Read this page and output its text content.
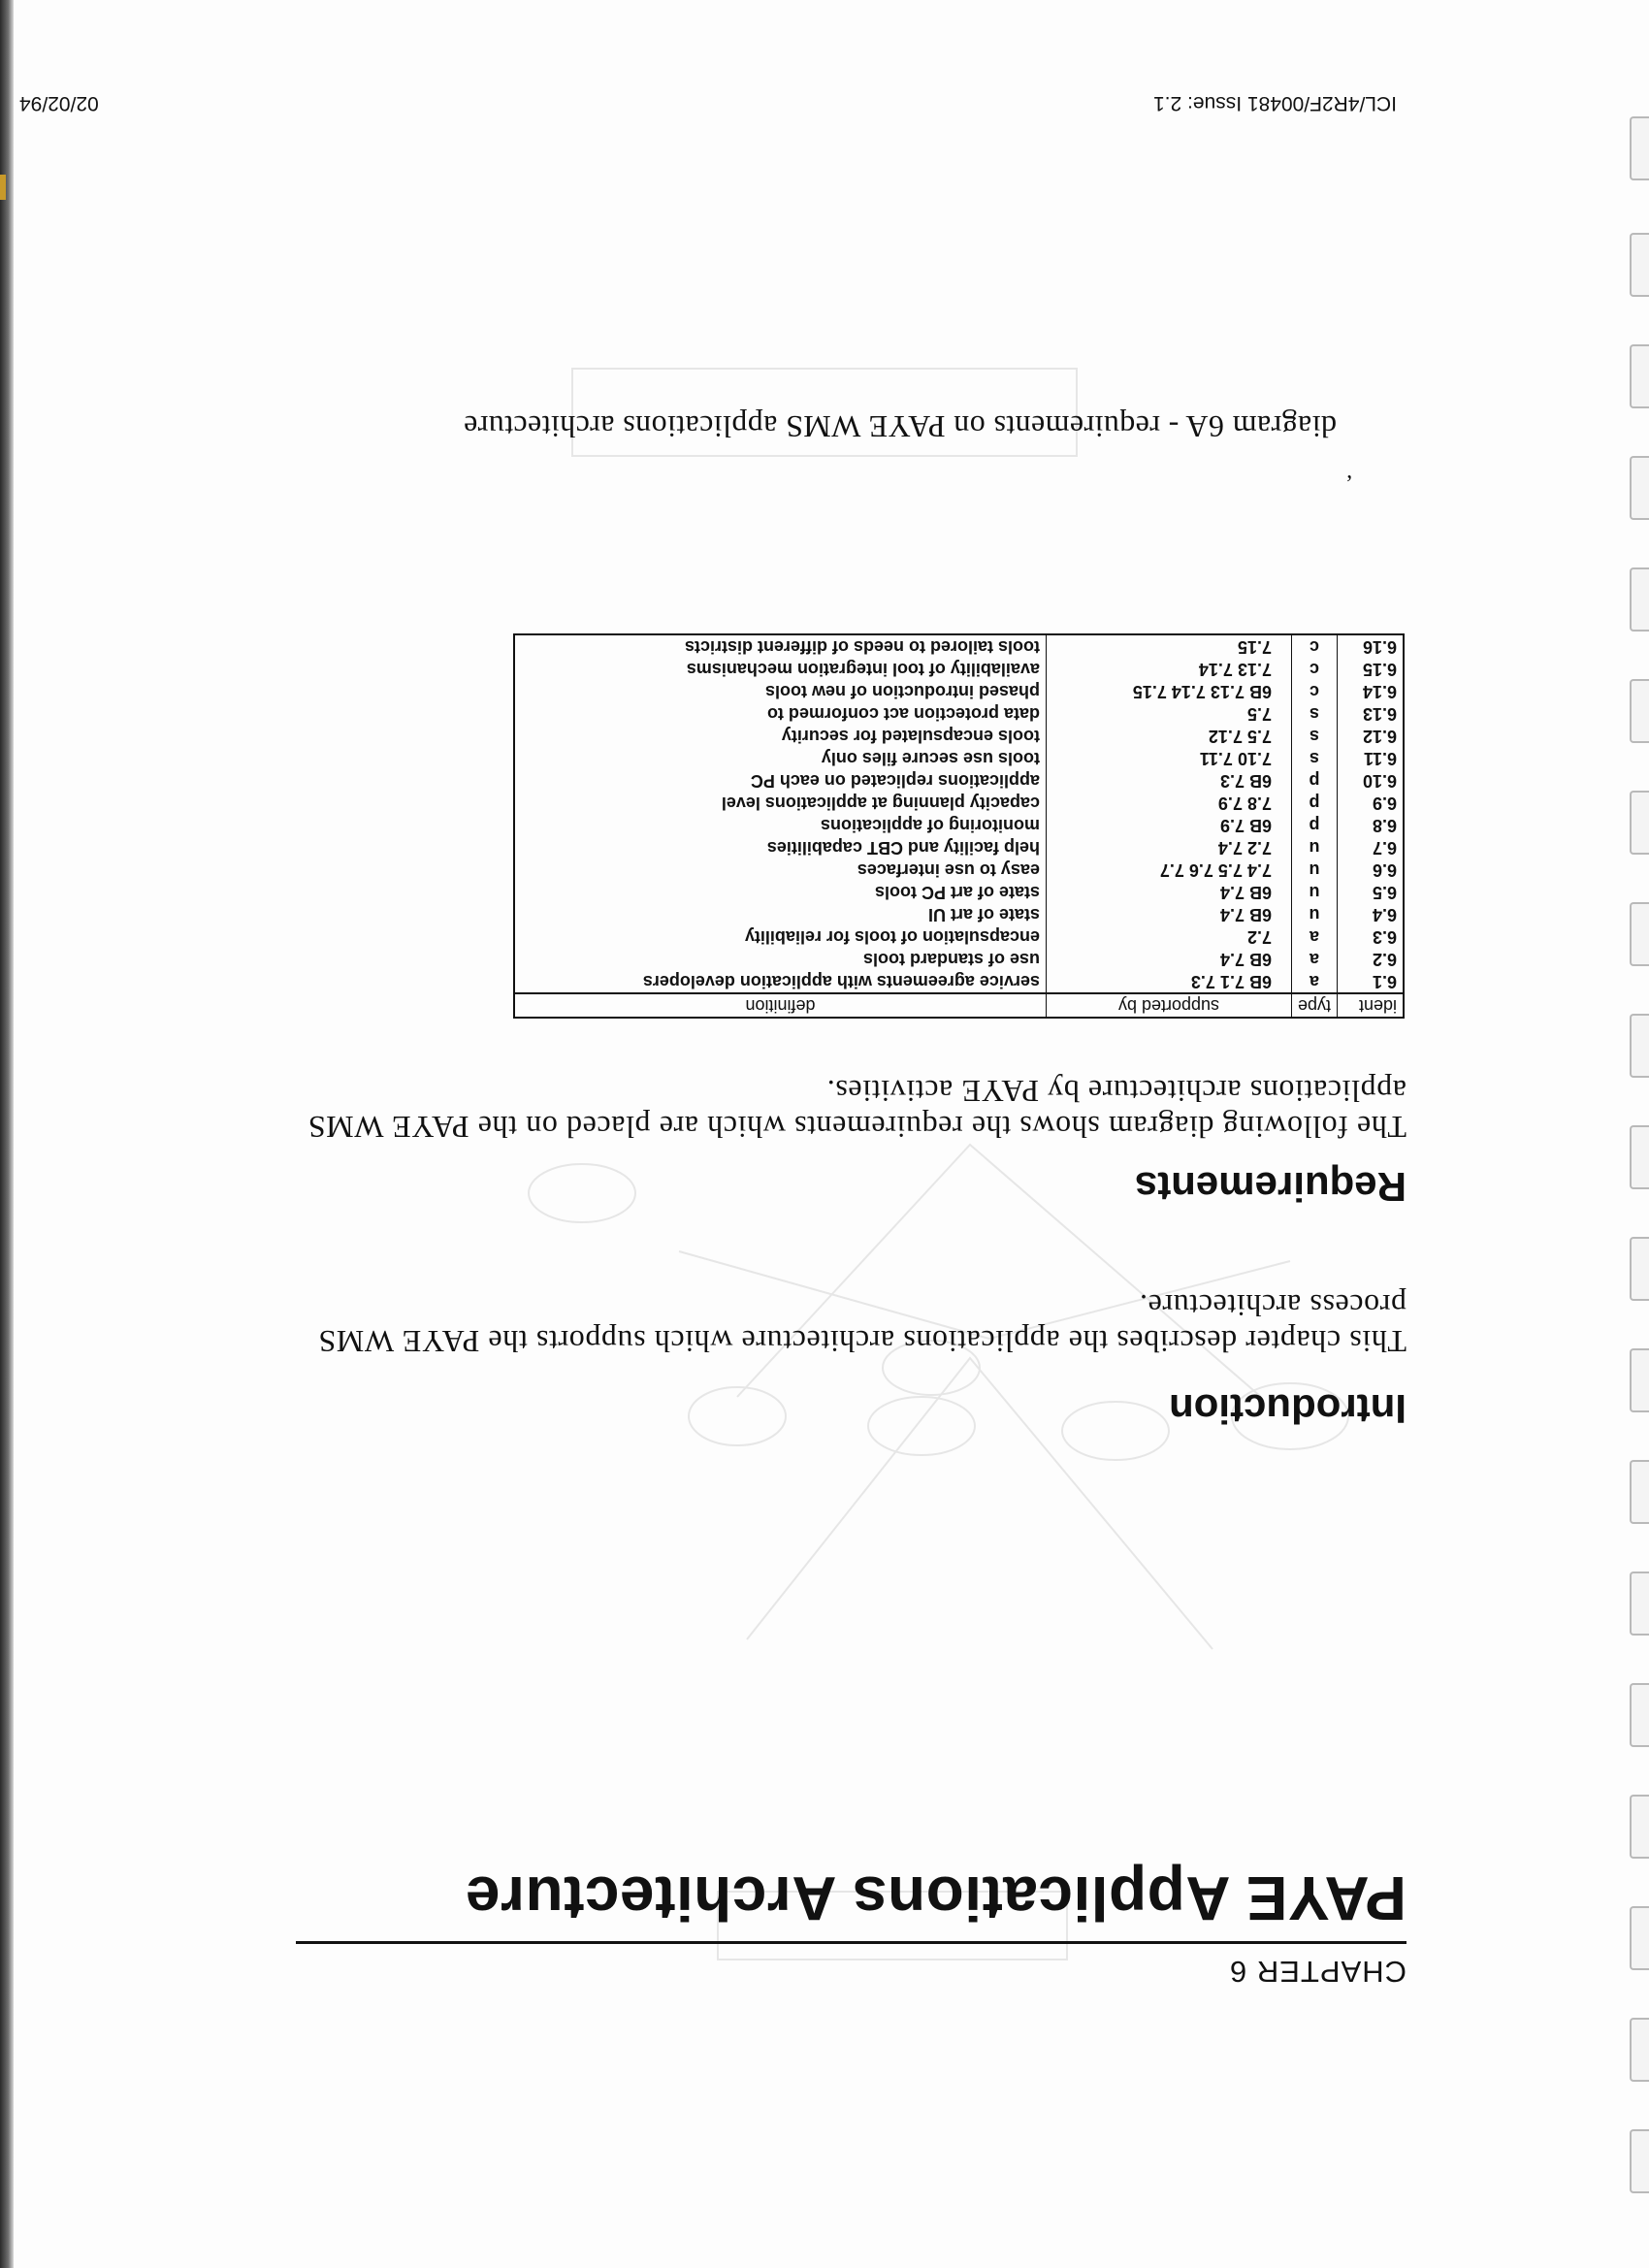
ICL/4R2F/00481 Issue: 2.1
02/02/94
CHAPTER 6
PAYE Applications Architecture
Introduction
This chapter describes the applications architecture which supports the PAYE WMS process architecture.
Requirements
The following diagram shows the requirements which are placed on the PAYE WMS applications architecture by PAYE activities.
ident	type	supported by	definition
6.1	a	6B 7.1 7.3	service agreements with application developers
6.2	a	6B 7.4	use of standard tools
6.3	a	7.2	encapsulation of tools for reliability
6.4	u	6B 7.4	state of art UI
6.5	u	6B 7.4	state of art PC tools
6.6	u	7.4 7.5 7.6 7.7	easy to use interfaces
6.7	u	7.2 7.4	help facility and CBT capabilities
6.8	p	6B 7.9	monitoring of applications
6.9	p	7.8 7.9	capacity planning at applications level
6.10	p	6B 7.3	applications replicated on each PC
6.11	s	7.10 7.11	tools use secure files only
6.12	s	7.5 7.12	tools encapsulated for security
6.13	s	7.5	data protection act conformed to
6.14	c	6B 7.13 7.14 7.15	phased introduction of new tools
6.15	c	7.13 7.14	availability of tool integration mechanisms
6.16	c	7.15	tools tailored to needs of different districts
‘
diagram 6A - requirements on PAYE WMS applications architecture
